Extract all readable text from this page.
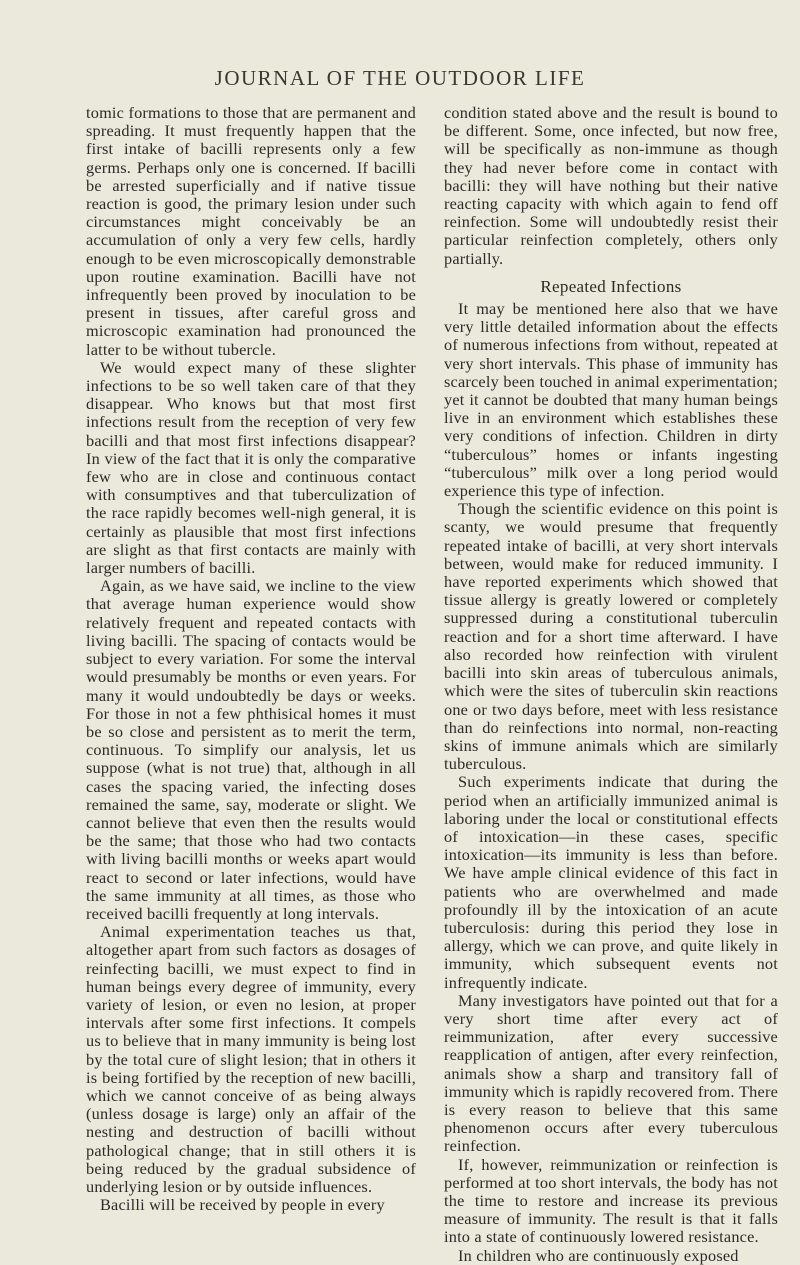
JOURNAL OF THE OUTDOOR LIFE

tomic formations to those that are permanent and spreading. It must frequently happen that the first intake of bacilli represents only a few germs. Perhaps only one is concerned. If bacilli be arrested superficially and if native tissue reaction is good, the primary lesion under such circumstances might conceivably be an accumulation of only a very few cells, hardly enough to be even microscopically demonstrable upon routine examination. Bacilli have not infrequently been proved by inoculation to be present in tissues, after careful gross and microscopic examination had pronounced the latter to be without tubercle.

We would expect many of these slighter infections to be so well taken care of that they disappear. Who knows but that most first infections result from the reception of very few bacilli and that most first infections disappear? In view of the fact that it is only the comparative few who are in close and continuous contact with consumptives and that tuberculization of the race rapidly becomes well-nigh general, it is certainly as plausible that most first infections are slight as that first contacts are mainly with larger numbers of bacilli.

Again, as we have said, we incline to the view that average human experience would show relatively frequent and repeated contacts with living bacilli. The spacing of contacts would be subject to every variation. For some the interval would presumably be months or even years. For many it would undoubtedly be days or weeks. For those in not a few phthisical homes it must be so close and persistent as to merit the term, continuous. To simplify our analysis, let us suppose (what is not true) that, although in all cases the spacing varied, the infecting doses remained the same, say, moderate or slight. We cannot believe that even then the results would be the same; that those who had two contacts with living bacilli months or weeks apart would react to second or later infections, would have the same immunity at all times, as those who received bacilli frequently at long intervals.

Animal experimentation teaches us that, altogether apart from such factors as dosages of reinfecting bacilli, we must expect to find in human beings every degree of immunity, every variety of lesion, or even no lesion, at proper intervals after some first infections. It compels us to believe that in many immunity is being lost by the total cure of slight lesion; that in others it is being fortified by the reception of new bacilli, which we cannot conceive of as being always (unless dosage is large) only an affair of the nesting and destruction of bacilli without pathological change; that in still others it is being reduced by the gradual subsidence of underlying lesion or by outside influences.

Bacilli will be received by people in every

condition stated above and the result is bound to be different. Some, once infected, but now free, will be specifically as non-immune as though they had never before come in contact with bacilli: they will have nothing but their native reacting capacity with which again to fend off reinfection. Some will undoubtedly resist their particular reinfection completely, others only partially.

Repeated Infections

It may be mentioned here also that we have very little detailed information about the effects of numerous infections from without, repeated at very short intervals. This phase of immunity has scarcely been touched in animal experimentation; yet it cannot be doubted that many human beings live in an environment which establishes these very conditions of infection. Children in dirty “tuberculous” homes or infants ingesting “tuberculous” milk over a long period would experience this type of infection.

Though the scientific evidence on this point is scanty, we would presume that frequently repeated intake of bacilli, at very short intervals between, would make for reduced immunity. I have reported experiments which showed that tissue allergy is greatly lowered or completely suppressed during a constitutional tuberculin reaction and for a short time afterward. I have also recorded how reinfection with virulent bacilli into skin areas of tuberculous animals, which were the sites of tuberculin skin reactions one or two days before, meet with less resistance than do reinfections into normal, non-reacting skins of immune animals which are similarly tuberculous.

Such experiments indicate that during the period when an artificially immunized animal is laboring under the local or constitutional effects of intoxication—in these cases, specific intoxication—its immunity is less than before. We have ample clinical evidence of this fact in patients who are overwhelmed and made profoundly ill by the intoxication of an acute tuberculosis: during this period they lose in allergy, which we can prove, and quite likely in immunity, which subsequent events not infrequently indicate.

Many investigators have pointed out that for a very short time after every act of reimmunization, after every successive reapplication of antigen, after every reinfection, animals show a sharp and transitory fall of immunity which is rapidly recovered from. There is every reason to believe that this same phenomenon occurs after every tuberculous reinfection.

If, however, reimmunization or reinfection is performed at too short intervals, the body has not the time to restore and increase its previous measure of immunity. The result is that it falls into a state of continuously lowered resistance.

In children who are continuously exposed
